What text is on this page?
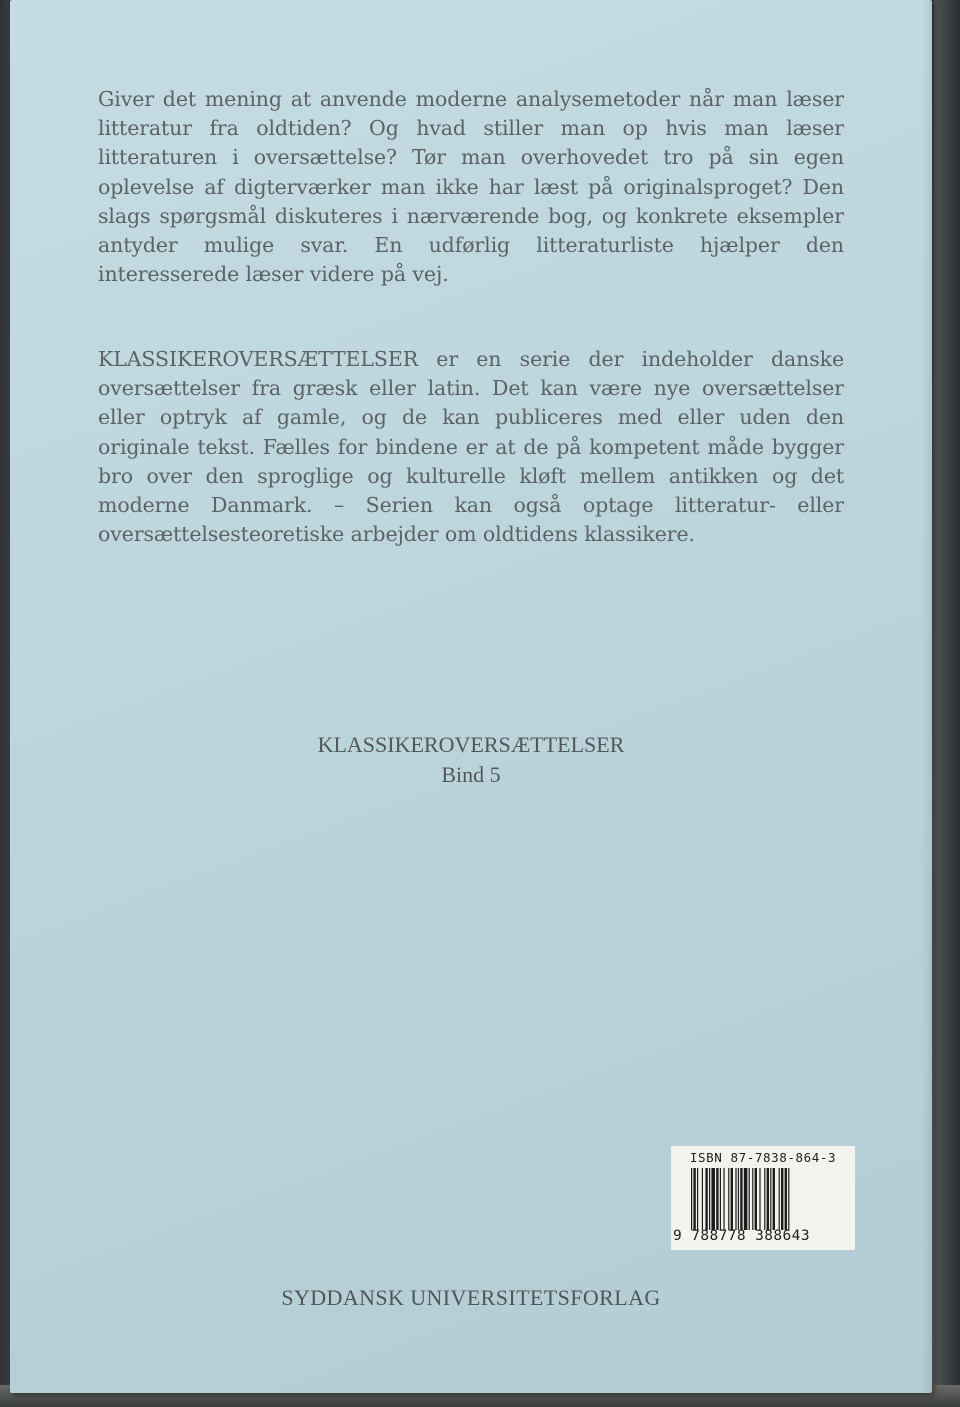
Giver det mening at anvende moderne analysemetoder når man læser litteratur fra oldtiden? Og hvad stiller man op hvis man læser litteraturen i oversættelse? Tør man overhovedet tro på sin egen oplevelse af digterværker man ikke har læst på originalsproget? Den slags spørgsmål diskuteres i nærværende bog, og konkrete eksempler antyder mulige svar. En udførlig litteraturliste hjælper den interesserede læser videre på vej.

KLASSIKEROVERSÆTTELSER er en serie der indeholder danske oversættelser fra græsk eller latin. Det kan være nye oversættelser eller optryk af gamle, og de kan publiceres med eller uden den originale tekst. Fælles for bindene er at de på kompetent måde bygger bro over den sproglige og kulturelle kløft mellem antikken og det moderne Danmark. – Serien kan også optage litteratur- eller oversættelsesteoretiske arbejder om oldtidens klassikere.

KLASSIKEROVERSÆTTELSER
Bind 5
ISBN 87-7838-864-3
9 788778 388643
SYDDANSK UNIVERSITETSFORLAG
